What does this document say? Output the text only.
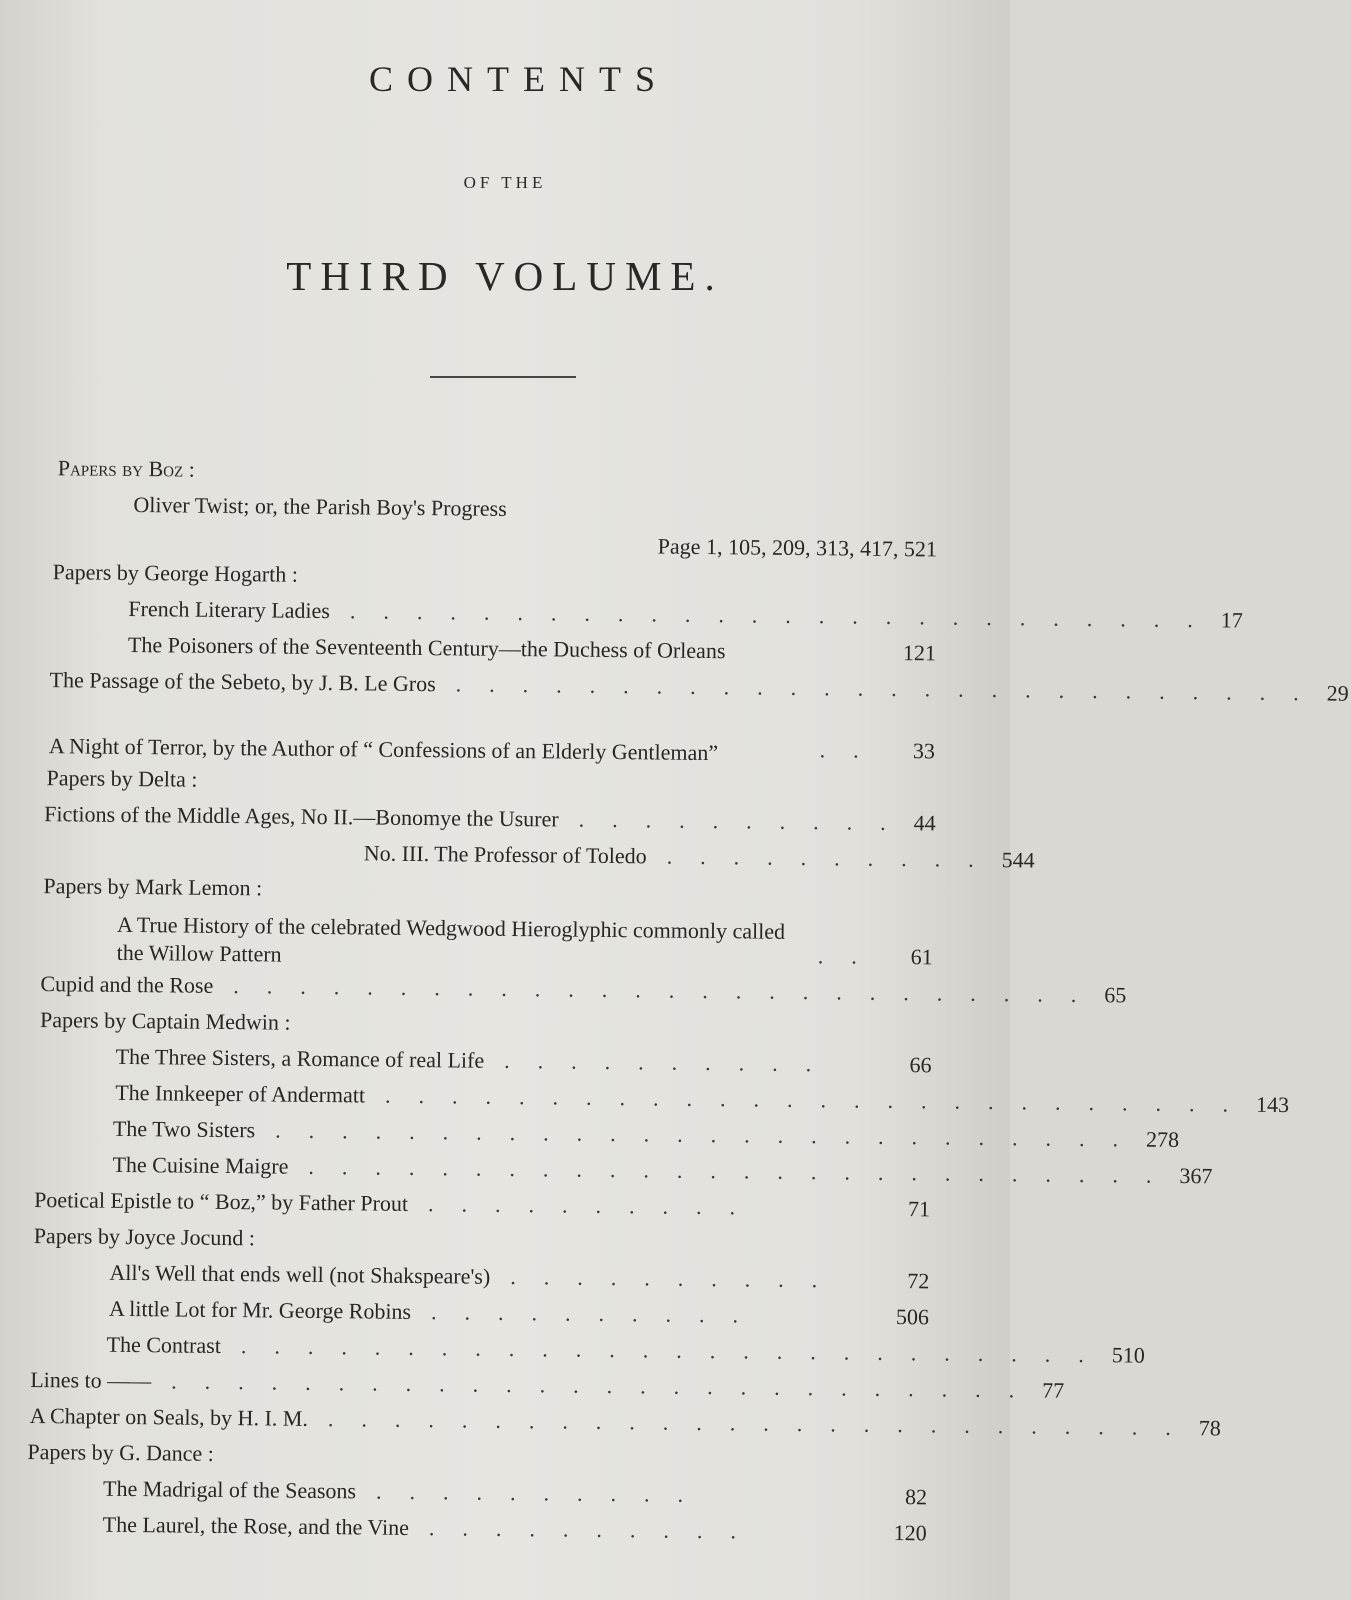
CONTENTS
OF THE
THIRD VOLUME.
Papers by Boz :
Oliver Twist; or, the Parish Boy's Progress
Page 1, 105, 209, 313, 417, 521
Papers by George Hogarth :
French Literary Ladies .......................... 17
The Poisoners of the Seventeenth Century—the Duchess of Orleans	121
The Passage of the Sebeto, by J. B. Le Gros .......................... 29
A Night of Terror, by the Author of “ Confessions of an Elderly Gentleman”	..	33
Papers by Delta :
Fictions of the Middle Ages, No II.—Bonomye the Usurer .......... 44
No. III. The Professor of Toledo .......... 544
Papers by Mark Lemon :
A True History of the celebrated Wedgwood Hieroglyphic commonly called the Willow Pattern	..	61
Cupid and the Rose .......................... 65
Papers by Captain Medwin :
The Three Sisters, a Romance of real Life ..........	66
The Innkeeper of Andermatt .......................... 143
The Two Sisters .......................... 278
The Cuisine Maigre .......................... 367
Poetical Epistle to “ Boz,” by Father Prout ..........	71
Papers by Joyce Jocund :
All's Well that ends well (not Shakspeare's) ..........	72
A little Lot for Mr. George Robins ..........	506
The Contrast .......................... 510
Lines to —— .......................... 77
A Chapter on Seals, by H. I. M. .......................... 78
Papers by G. Dance :
The Madrigal of the Seasons ..........	82
The Laurel, the Rose, and the Vine ..........	120
